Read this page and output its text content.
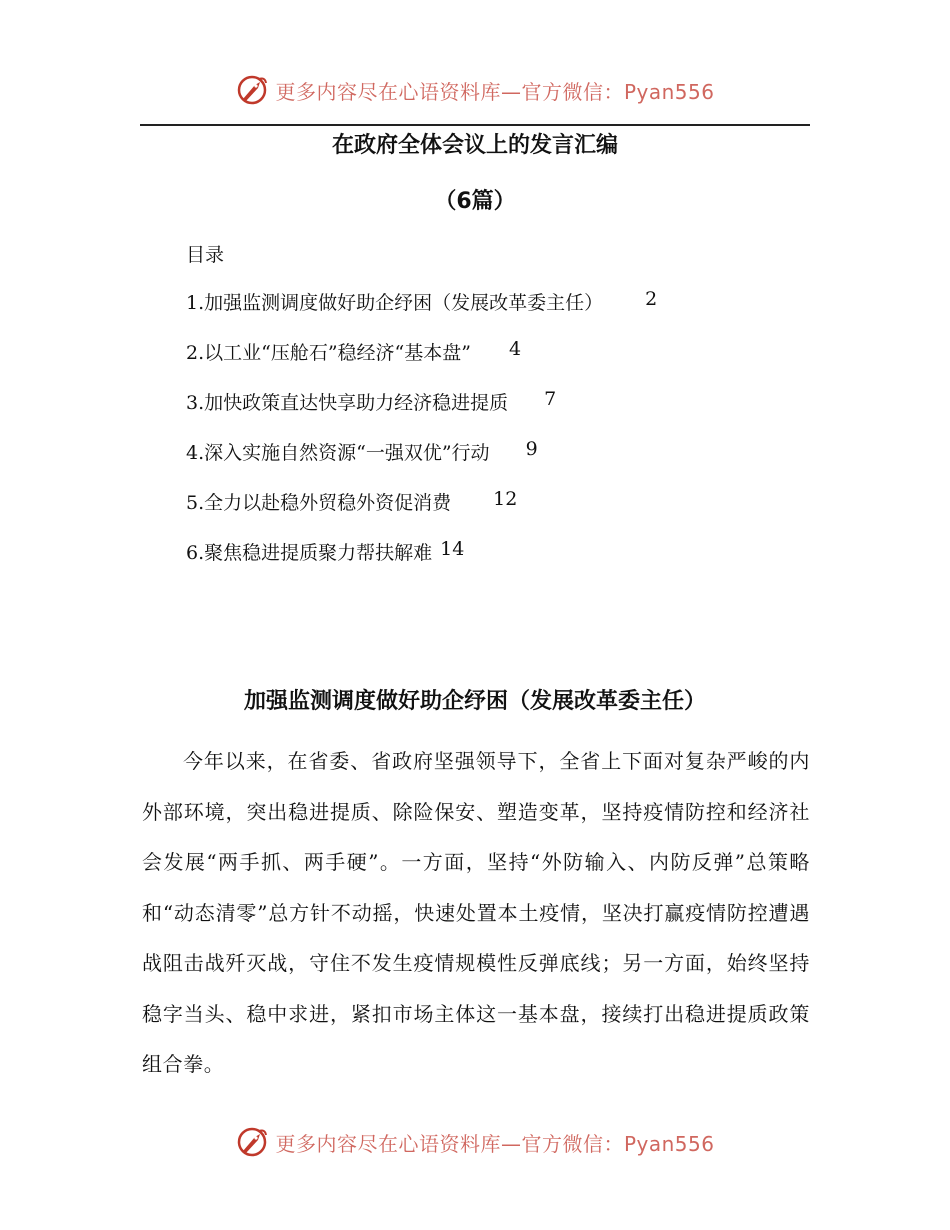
更多内容尽在心语资料库—官方微信：Pyan556
在政府全体会议上的发言汇编
（6篇）
目录
1.加强监测调度做好助企纾困（发展改革委主任） 2
2.以工业“压舱石”稳经济“基本盘” 4
3.加快政策直达快享助力经济稳进提质 7
4.深入实施自然资源“一强双优”行动 9
5.全力以赴稳外贸稳外资促消费 12
6.聚焦稳进提质聚力帮扶解难 14
加强监测调度做好助企纾困（发展改革委主任）

今年以来，在省委、省政府坚强领导下，全省上下面对复杂严峻的内外部环境，突出稳进提质、除险保安、塑造变革，坚持疫情防控和经济社会发展“两手抓、两手硬”。一方面，坚持“外防输入、内防反弹”总策略和“动态清零”总方针不动摇，快速处置本土疫情，坚决打赢疫情防控遭遇战阻击战歼灭战，守住不发生疫情规模性反弹底线；另一方面，始终坚持稳字当头、稳中求进，紧扣市场主体这一基本盘，接续打出稳进提质政策组合拳。

更多内容尽在心语资料库—官方微信：Pyan556
